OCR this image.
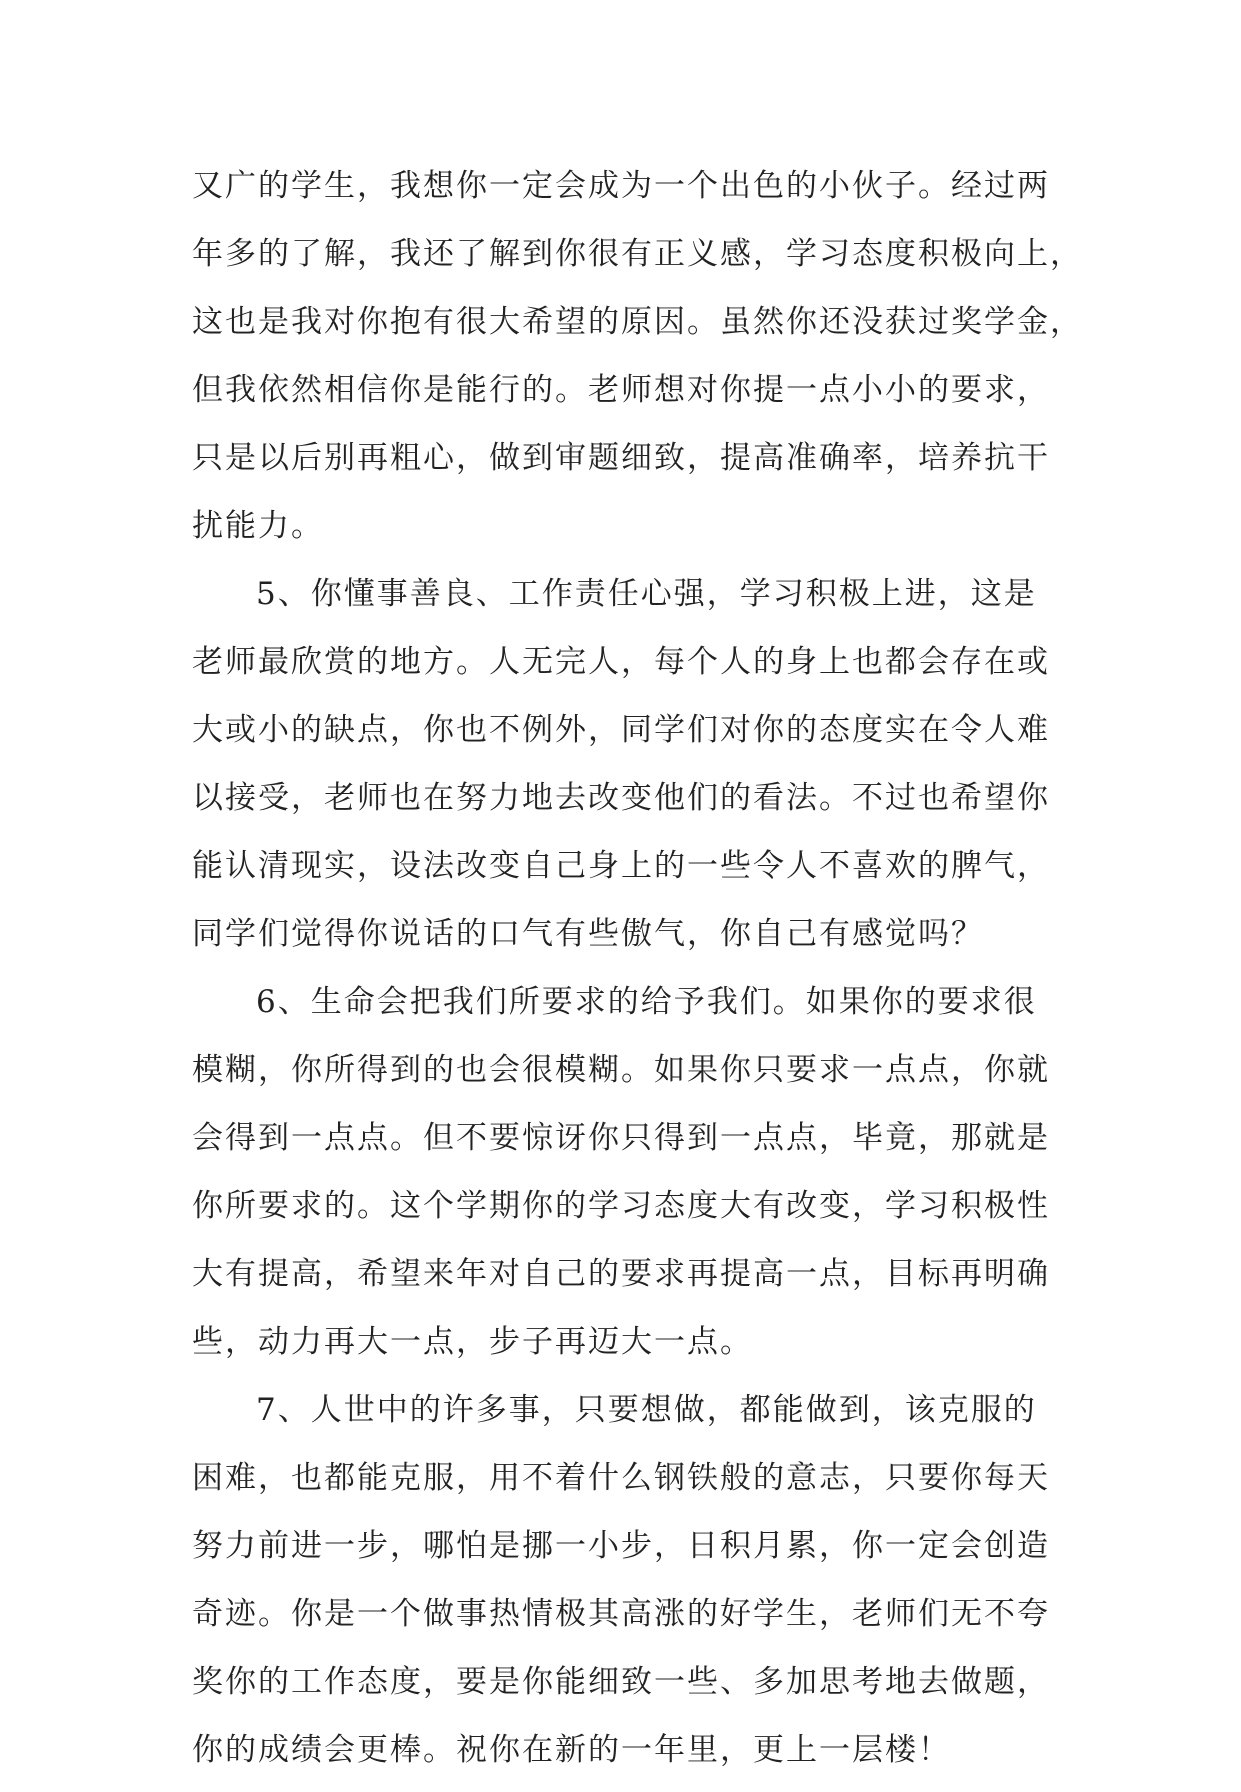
又广的学生，我想你一定会成为一个出色的小伙子。经过两
年多的了解，我还了解到你很有正义感，学习态度积极向上，
这也是我对你抱有很大希望的原因。虽然你还没获过奖学金，
但我依然相信你是能行的。老师想对你提一点小小的要求，
只是以后别再粗心，做到审题细致，提高准确率，培养抗干
扰能力。
5、你懂事善良、工作责任心强，学习积极上进，这是
老师最欣赏的地方。人无完人，每个人的身上也都会存在或
大或小的缺点，你也不例外，同学们对你的态度实在令人难
以接受，老师也在努力地去改变他们的看法。不过也希望你
能认清现实，设法改变自己身上的一些令人不喜欢的脾气，
同学们觉得你说话的口气有些傲气，你自己有感觉吗？
6、生命会把我们所要求的给予我们。如果你的要求很
模糊，你所得到的也会很模糊。如果你只要求一点点，你就
会得到一点点。但不要惊讶你只得到一点点，毕竟，那就是
你所要求的。这个学期你的学习态度大有改变，学习积极性
大有提高，希望来年对自己的要求再提高一点，目标再明确
些，动力再大一点，步子再迈大一点。
7、人世中的许多事，只要想做，都能做到，该克服的
困难，也都能克服，用不着什么钢铁般的意志，只要你每天
努力前进一步，哪怕是挪一小步，日积月累，你一定会创造
奇迹。你是一个做事热情极其高涨的好学生，老师们无不夸
奖你的工作态度，要是你能细致一些、多加思考地去做题，
你的成绩会更棒。祝你在新的一年里，更上一层楼！
